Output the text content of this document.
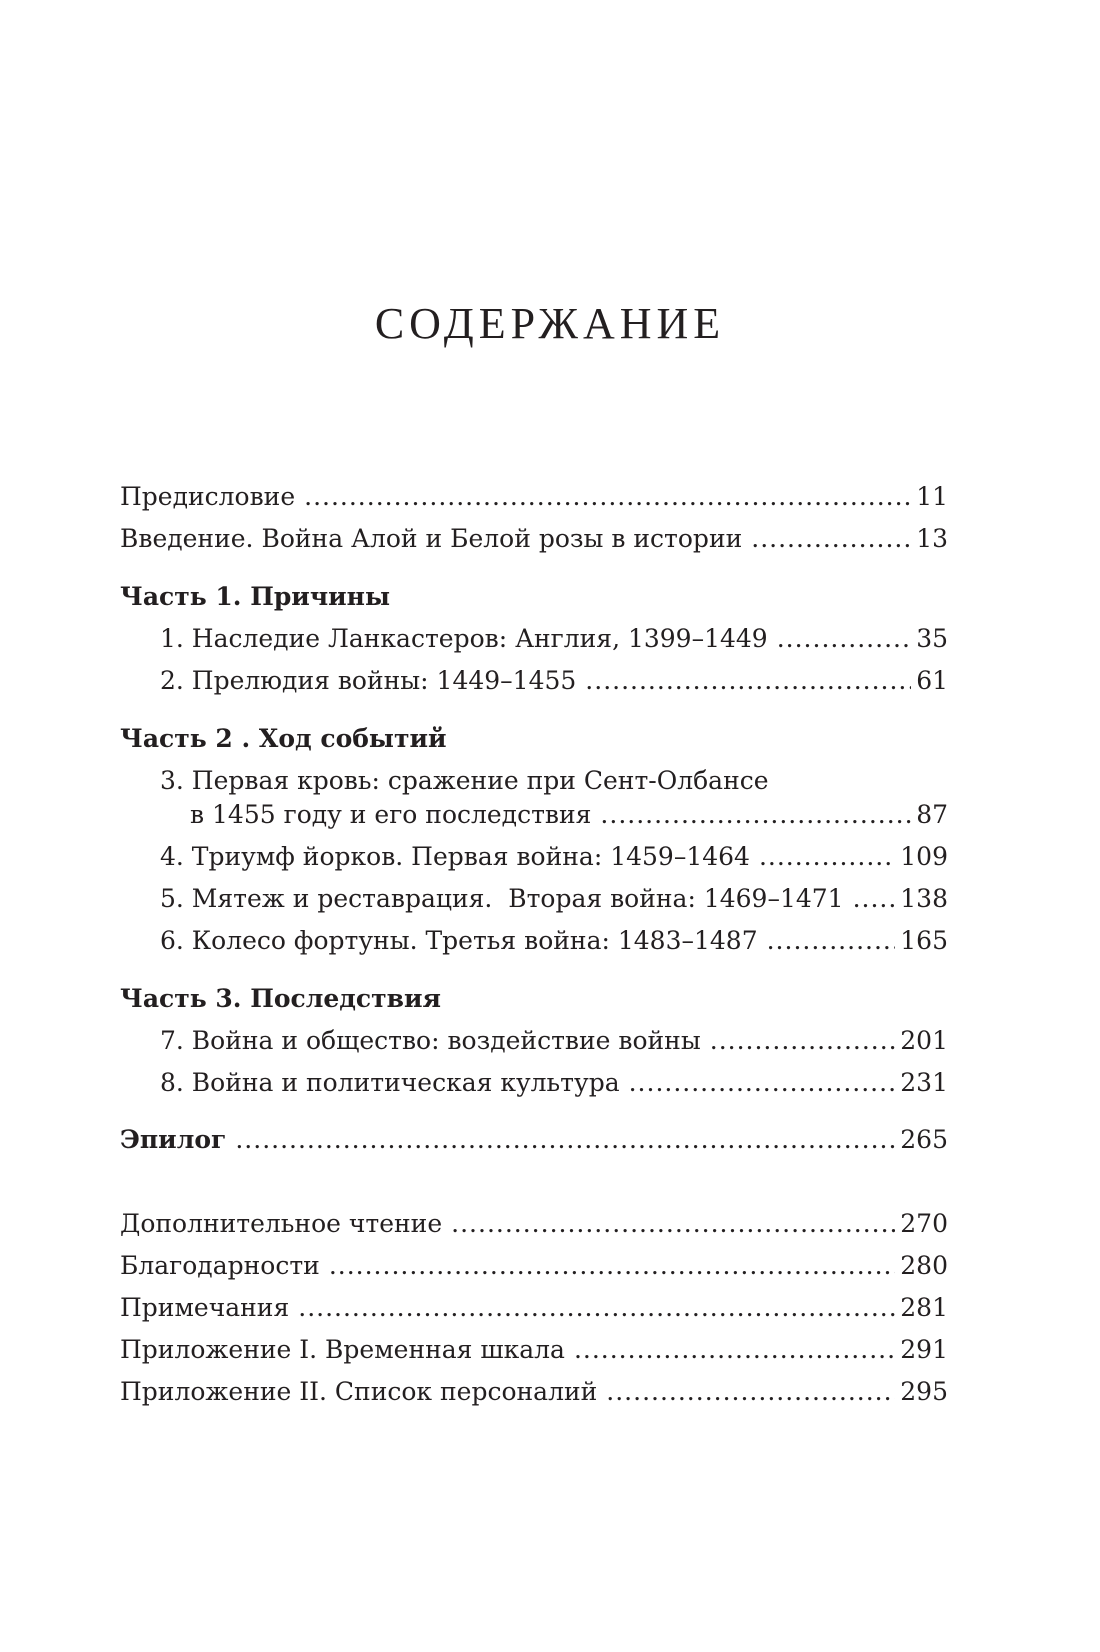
СОДЕРЖАНИЕ
Предисловие .....	11
Введение. Война Алой и Белой розы в истории .....	13
Часть 1. Причины
1. Наследие Ланкастеров: Англия, 1399–1449 .....	35
2. Прелюдия войны: 1449–1455 .....	61
Часть 2 . Ход событий
3. Первая кровь: сражение при Сент-Олбансе
в 1455 году и его последствия .....	87
4. Триумф йорков. Первая война: 1459–1464 .....	109
5. Мятеж и реставрация.  Вторая война: 1469–1471 ..... 138
6. Колесо фортуны. Третья война: 1483–1487 .....	165
Часть 3. Последствия
7. Война и общество: воздействие войны .....	201
8. Война и политическая культура .....	231
Эпилог .....	265
Дополнительное чтение .....	270
Благодарности .....	280
Примечания .....	281
Приложение I. Временная шкала .....	291
Приложение II. Список персоналий .....	295
